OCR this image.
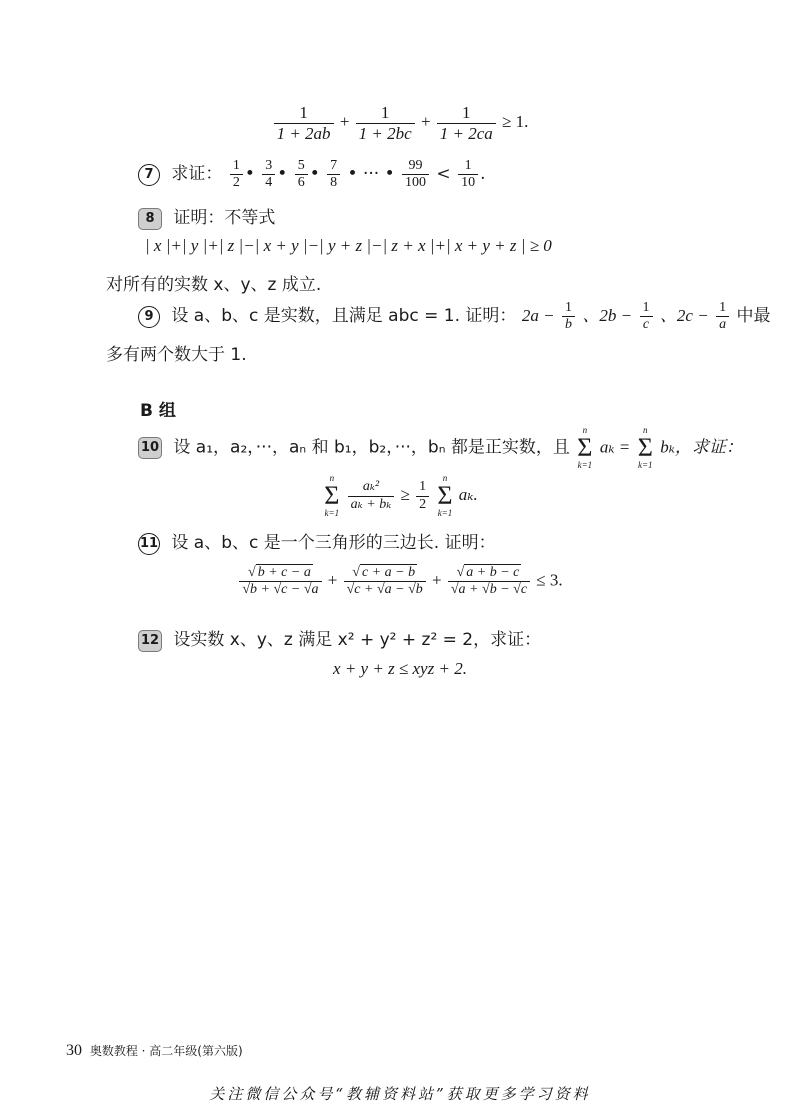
$\frac{1}{1 + 2ab} + \frac{1}{1 + 2bc} + \frac{1}{1 + 2ca} \ge 1$.
7 求证： $\frac{1}{2}$ • $\frac{3}{4}$ • $\frac{5}{6}$ • $\frac{7}{8}$ • ··· • $\frac{99}{100} < \frac{1}{10}$ .
8 证明：不等式
| x |+| y |+| z |−| x + y |−| y + z |−| z + x |+| x + y + z | ≥ 0
对所有的实数 x、y、z 成立.
9 设 a、b、c 是实数，且满足 abc = 1. 证明： $2a - \frac{1}{b}$ 、$2b - \frac{1}{c}$ 、$2c - \frac{1}{a}$ 中最
多有两个数大于 1.
B 组
10 设 a₁，a₂，···，aₙ 和 b₁，b₂，···，bₙ 都是正实数，且
n
Σ
k=1
aₖ =
n
Σ
k=1
bₖ，求证：
n
Σ
k=1

$\frac{\text{aₖ²}}{\text{aₖ + bₖ}} \ge \frac{1}{2}$

n
Σ
k=1
aₖ.
11 设 a、b、c 是一个三角形的三边长. 证明：
$\frac{√ b + c - a}{√b + √c - √a} + \frac{√ c + a - b}{√c + √a - √b} + \frac{√ a + b - c}{√a + √b - √c} \le 3$.
12 设实数 x、y、z 满足 x² + y² + z² = 2，求证：
x + y + z ≤ xyz + 2.
30 奥数教程 · 高二年级(第六版)
关注微信公众号“教辅资料站”获取更多学习资料
